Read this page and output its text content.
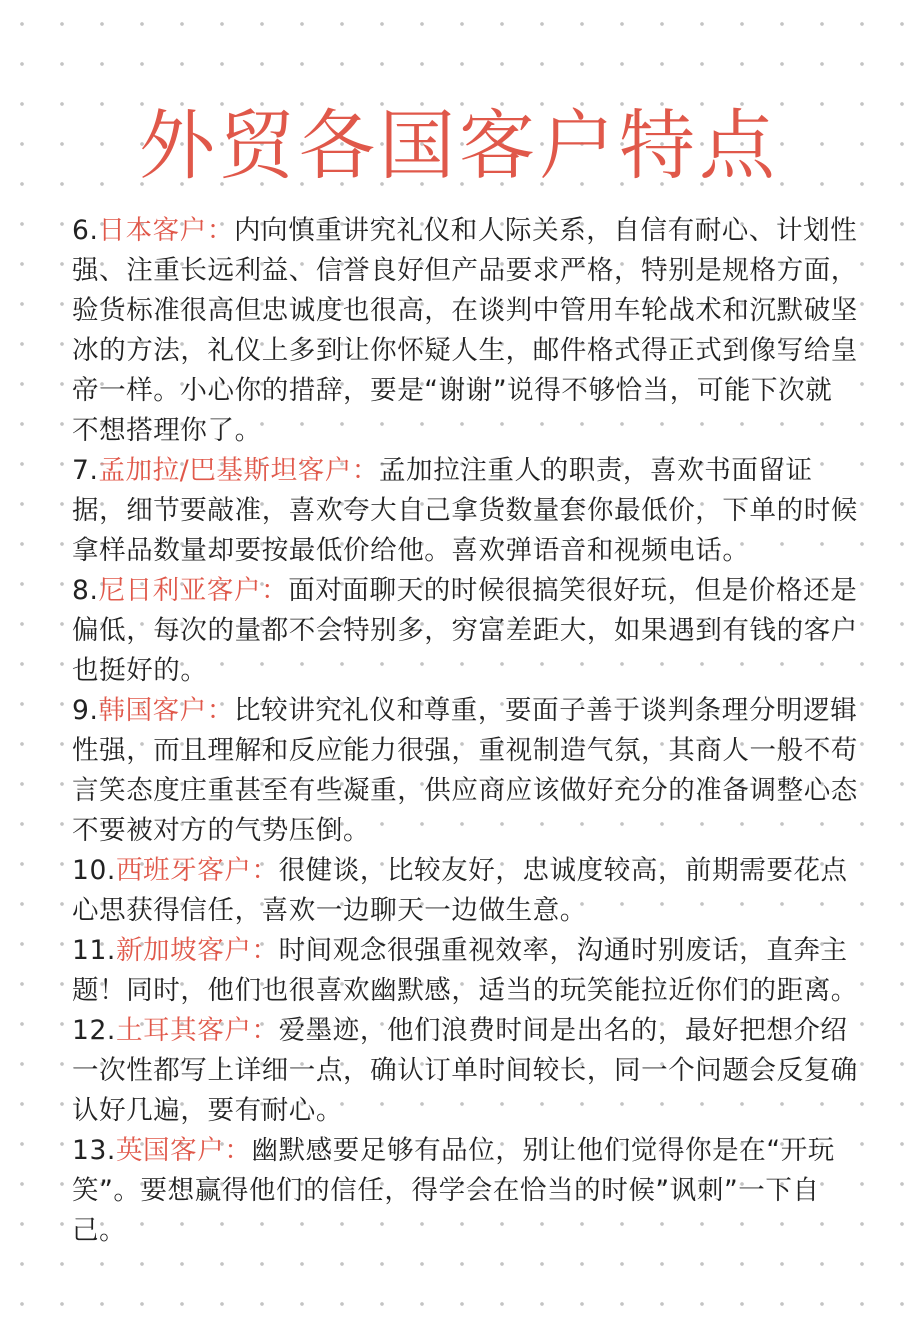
外贸各国客户特点

6.日本客户：内向慎重讲究礼仪和人际关系，自信有耐心、计划性强、注重长远利益、信誉良好但产品要求严格，特别是规格方面，验货标准很高但忠诚度也很高，在谈判中管用车轮战术和沉默破坚冰的方法，礼仪上多到让你怀疑人生，邮件格式得正式到像写给皇帝一样。小心你的措辞，要是“谢谢”说得不够恰当，可能下次就不想搭理你了。

7.孟加拉/巴基斯坦客户：孟加拉注重人的职责，喜欢书面留证据，细节要敲准，喜欢夸大自己拿货数量套你最低价，下单的时候拿样品数量却要按最低价给他。喜欢弹语音和视频电话。

8.尼日利亚客户：面对面聊天的时候很搞笑很好玩，但是价格还是偏低，每次的量都不会特别多，穷富差距大，如果遇到有钱的客户也挺好的。

9.韩国客户：比较讲究礼仪和尊重，要面子善于谈判条理分明逻辑性强，而且理解和反应能力很强，重视制造气氛，其商人一般不苟言笑态度庄重甚至有些凝重，供应商应该做好充分的准备调整心态不要被对方的气势压倒。

10.西班牙客户：很健谈，比较友好，忠诚度较高，前期需要花点心思获得信任，喜欢一边聊天一边做生意。

11.新加坡客户：时间观念很强重视效率，沟通时别废话，直奔主题！同时，他们也很喜欢幽默感，适当的玩笑能拉近你们的距离。

12.土耳其客户：爱墨迹，他们浪费时间是出名的，最好把想介绍一次性都写上详细一点，确认订单时间较长，同一个问题会反复确认好几遍，要有耐心。

13.英国客户：幽默感要足够有品位，别让他们觉得你是在“开玩笑”。要想赢得他们的信任，得学会在恰当的时候”讽刺”一下自己。
